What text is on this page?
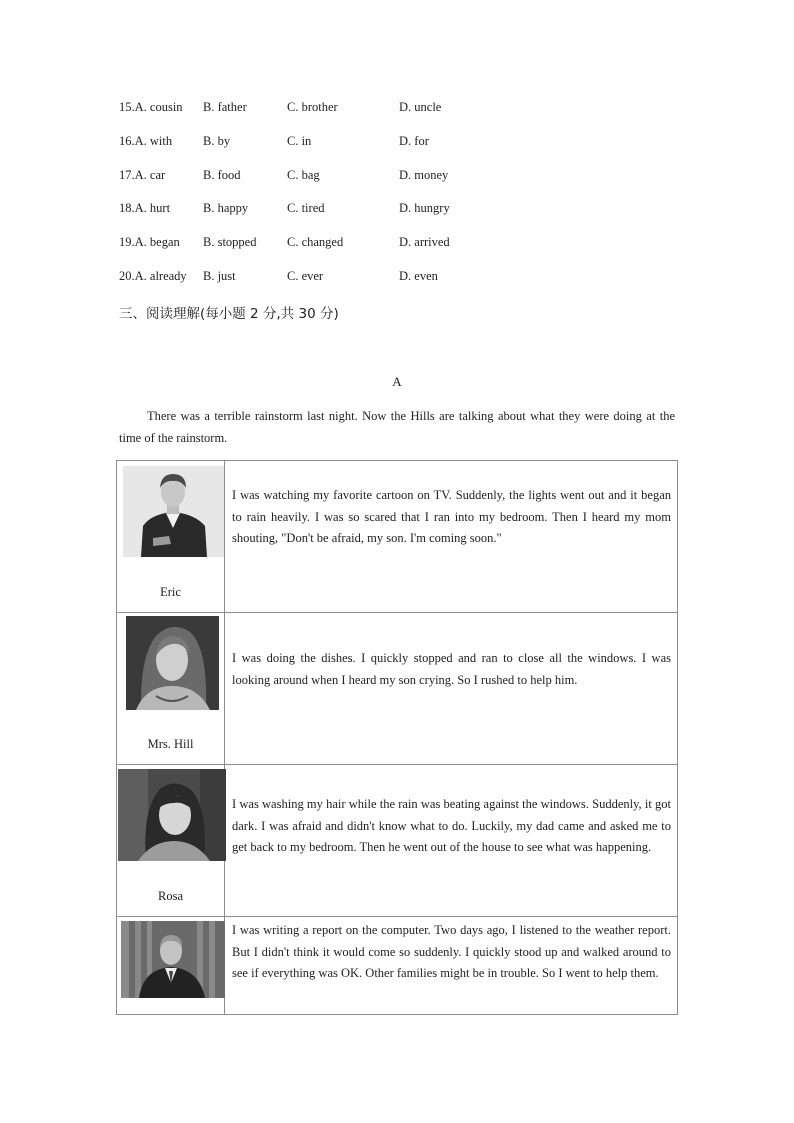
15.A. cousin B. father	C. brother	D. uncle
16.A. with B. by	C. in	D. for
17.A. car	B. food	C. bag	D. money
18.A. hurt	B. happy	C. tired	D. hungry
19.A. began B. stopped C. changed	D. arrived
20.A. already B. just	C. ever	D. even
三、阅读理解(每小题 2 分,共 30 分)
A

There was a terrible rainstorm last night. Now the Hills are talking about what they were doing at the time of the rainstorm.

Eric	I was watching my favorite cartoon on TV. Suddenly, the lights went out and it began to rain heavily. I was so scared that I ran into my bedroom. Then I heard my mom shouting, "Don't be afraid, my son. I'm coming soon."

Mrs. Hill	I was doing the dishes. I quickly stopped and ran to close all the windows. I was looking around when I heard my son crying. So I rushed to help him.

Rosa	I was washing my hair while the rain was beating against the windows. Suddenly, it got dark. I was afraid and didn't know what to do. Luckily, my dad came and asked me to get back to my bedroom. Then he went out of the house to see what was happening.

	I was writing a report on the computer. Two days ago, I listened to the weather report. But I didn't think it would come so suddenly. I quickly stood up and walked around to see if everything was OK. Other families might be in trouble. So I went to help them.
